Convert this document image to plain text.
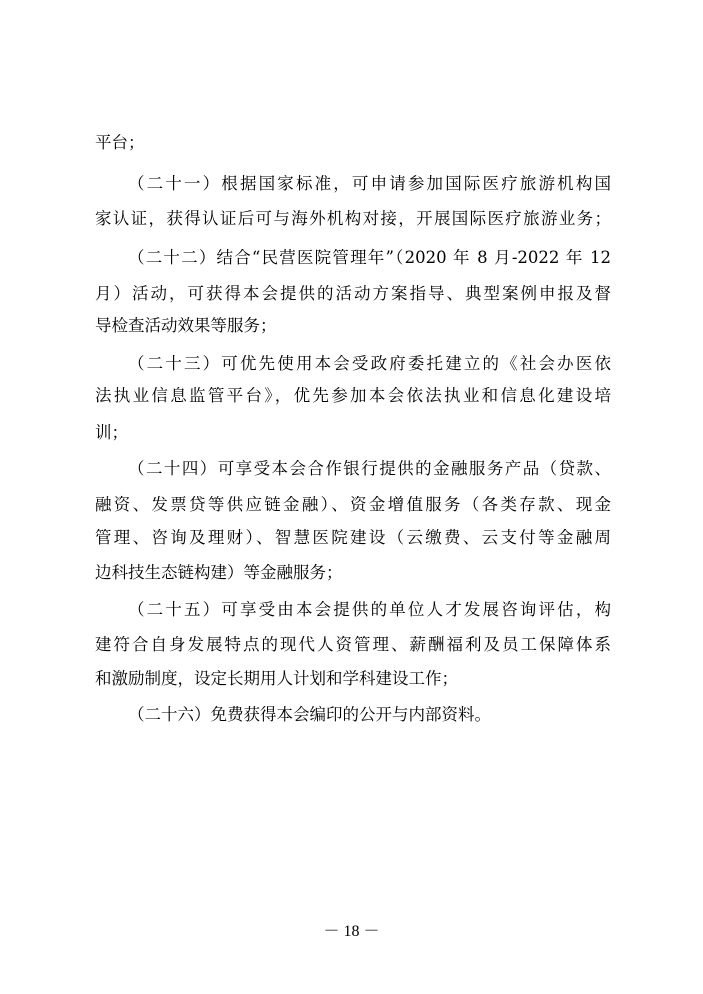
平台；
（二十一）根据国家标准，可申请参加国际医疗旅游机构国
家认证，获得认证后可与海外机构对接，开展国际医疗旅游业务；
（二十二）结合“民营医院管理年”（2020 年 8 月-2022 年 12
月）活动，可获得本会提供的活动方案指导、典型案例申报及督
导检查活动效果等服务；
（二十三）可优先使用本会受政府委托建立的《社会办医依
法执业信息监管平台》，优先参加本会依法执业和信息化建设培
训；
（二十四）可享受本会合作银行提供的金融服务产品（贷款、
融资、发票贷等供应链金融）、资金增值服务（各类存款、现金
管理、咨询及理财）、智慧医院建设（云缴费、云支付等金融周
边科技生态链构建）等金融服务；
（二十五）可享受由本会提供的单位人才发展咨询评估，构
建符合自身发展特点的现代人资管理、薪酬福利及员工保障体系
和激励制度，设定长期用人计划和学科建设工作；
（二十六）免费获得本会编印的公开与内部资料。
－ 18 －
